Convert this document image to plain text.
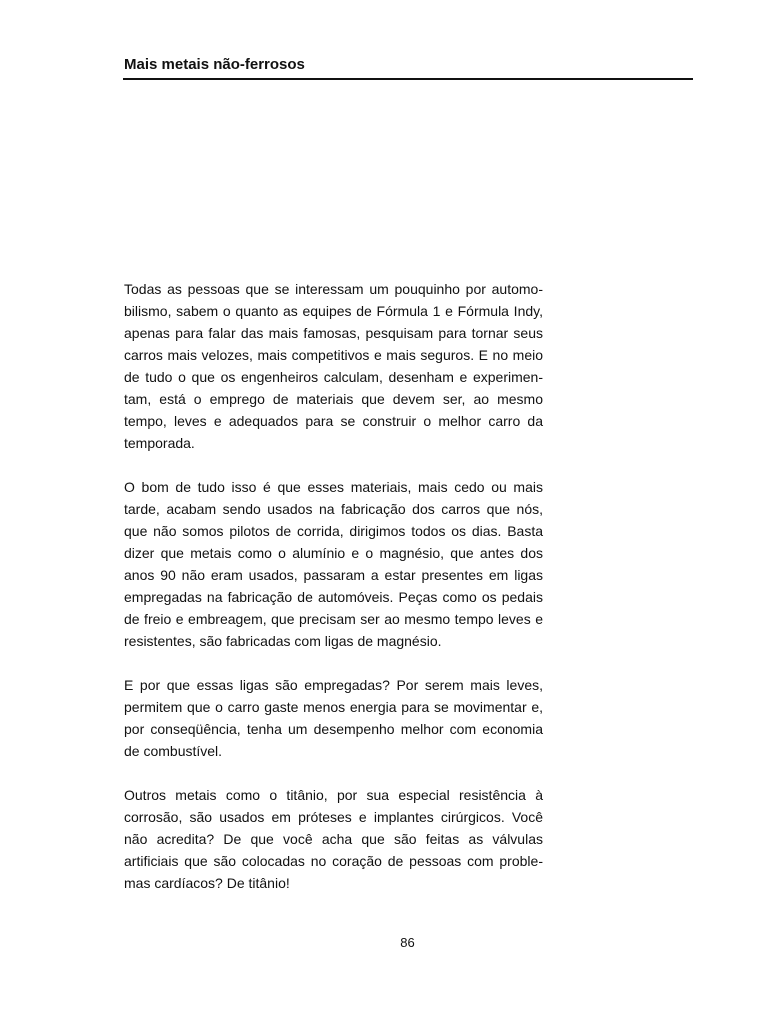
Mais metais não-ferrosos

Todas as pessoas que se interessam um pouquinho por automobilismo, sabem o quanto as equipes de Fórmula 1 e Fórmula Indy, apenas para falar das mais famosas, pesquisam para tornar seus carros mais velozes, mais competitivos e mais seguros. E no meio de tudo o que os engenheiros calculam, desenham e experimentam, está o emprego de materiais que devem ser, ao mesmo tempo, leves e adequados para se construir o melhor carro da temporada.

O bom de tudo isso é que esses materiais, mais cedo ou mais tarde, acabam sendo usados na fabricação dos carros que nós, que não somos pilotos de corrida, dirigimos todos os dias. Basta dizer que metais como o alumínio e o magnésio, que antes dos anos 90 não eram usados, passaram a estar presentes em ligas empregadas na fabricação de automóveis. Peças como os pedais de freio e embreagem, que precisam ser ao mesmo tempo leves e resistentes, são fabricadas com ligas de magnésio.

E por que essas ligas são empregadas? Por serem mais leves, permitem que o carro gaste menos energia para se movimentar e, por conseqüência, tenha um desempenho melhor com economia de combustível.

Outros metais como o titânio, por sua especial resistência à corrosão, são usados em próteses e implantes cirúrgicos. Você não acredita? De que você acha que são feitas as válvulas artificiais que são colocadas no coração de pessoas com problemas cardíacos? De titânio!

86
